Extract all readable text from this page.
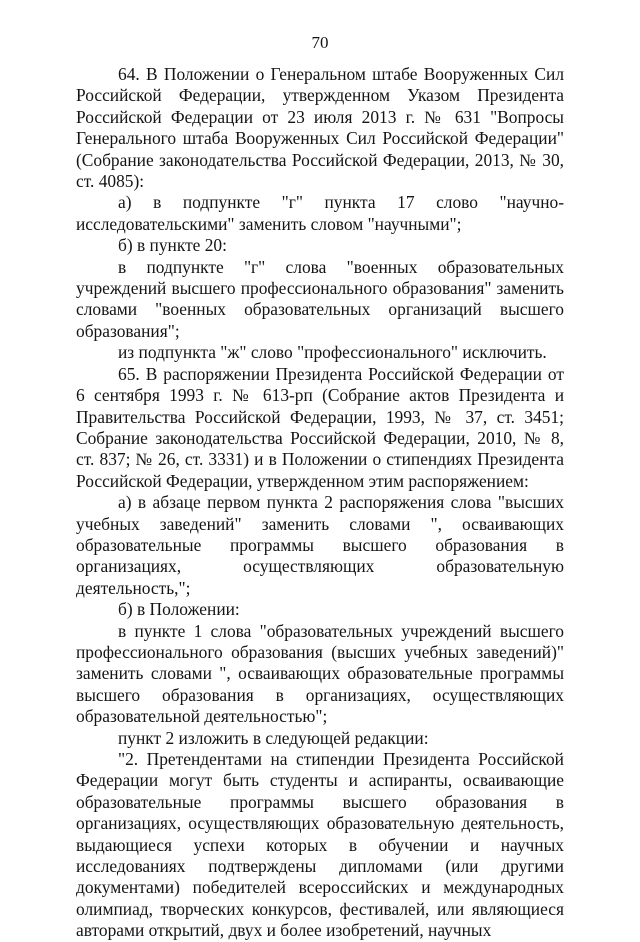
70

64. В Положении о Генеральном штабе Вооруженных Сил Российской Федерации, утвержденном Указом Президента Российской Федерации от 23 июля 2013 г. № 631 "Вопросы Генерального штаба Вооруженных Сил Российской Федерации" (Собрание законодательства Российской Федерации, 2013, № 30, ст. 4085):

а) в подпункте "г" пункта 17 слово "научно-исследовательскими" заменить словом "научными";

б) в пункте 20:

в подпункте "г" слова "военных образовательных учреждений высшего профессионального образования" заменить словами "военных образовательных организаций высшего образования";

из подпункта "ж" слово "профессионального" исключить.

65. В распоряжении Президента Российской Федерации от 6 сентября 1993 г. № 613-рп (Собрание актов Президента и Правительства Российской Федерации, 1993, № 37, ст. 3451; Собрание законодательства Российской Федерации, 2010, № 8, ст. 837; № 26, ст. 3331) и в Положении о стипендиях Президента Российской Федерации, утвержденном этим распоряжением:

а) в абзаце первом пункта 2 распоряжения слова "высших учебных заведений" заменить словами ", осваивающих образовательные программы высшего образования в организациях, осуществляющих образовательную деятельность,";

б) в Положении:

в пункте 1 слова "образовательных учреждений высшего профессионального образования (высших учебных заведений)" заменить словами ", осваивающих образовательные программы высшего образования в организациях, осуществляющих образовательной деятельностью";

пункт 2 изложить в следующей редакции:

"2. Претендентами на стипендии Президента Российской Федерации могут быть студенты и аспиранты, осваивающие образовательные программы высшего образования в организациях, осуществляющих образовательную деятельность, выдающиеся успехи которых в обучении и научных исследованиях подтверждены дипломами (или другими документами) победителей всероссийских и международных олимпиад, творческих конкурсов, фестивалей, или являющиеся авторами открытий, двух и более изобретений, научных
